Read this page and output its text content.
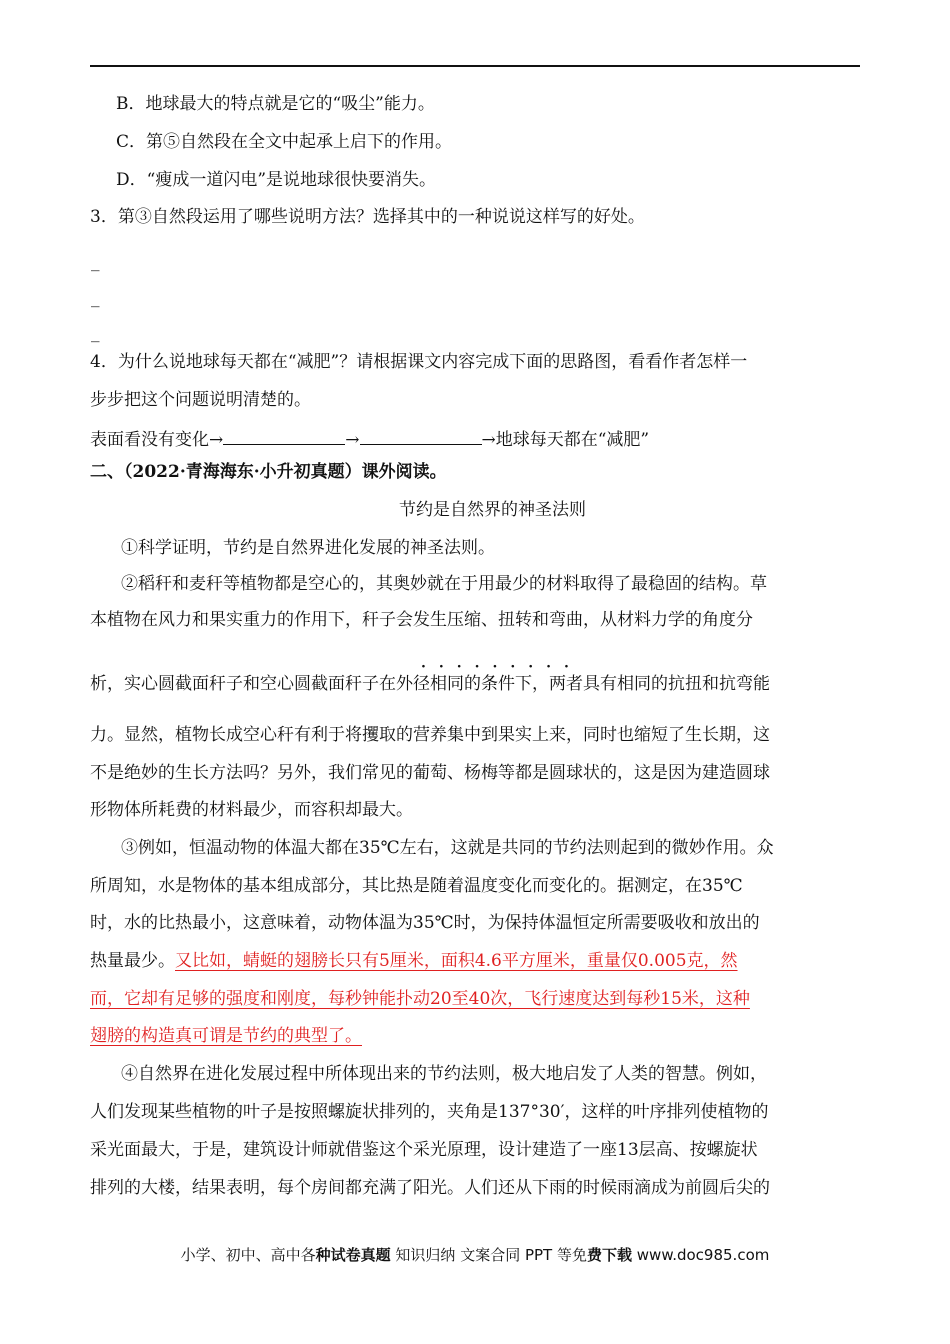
B．地球最大的特点就是它的“吸尘”能力。
C．第⑤自然段在全文中起承上启下的作用。
D．“瘦成一道闪电”是说地球很快要消失。
3．第③自然段运用了哪些说明方法？选择其中的一种说说这样写的好处。
_
_
_
4．为什么说地球每天都在“减肥”？请根据课文内容完成下面的思路图，看看作者怎样一
步步把这个问题说明清楚的。
表面看没有变化→	→	→地球每天都在“减肥”
二、（2022·青海海东·小升初真题）课外阅读。
节约是自然界的神圣法则
①科学证明，节约是自然界进化发展的神圣法则。
②稻秆和麦秆等植物都是空心的，其奥妙就在于用最少的材料取得了最稳固的结构。草
本植物在风力和果实重力的作用下，秆子会发生压缩、扭转和弯曲，从材料力学的角度分
·········
析，实心圆截面秆子和空心圆截面秆子在外径相同的条件下，两者具有相同的抗扭和抗弯能
力。显然，植物长成空心秆有利于将攫取的营养集中到果实上来，同时也缩短了生长期，这
不是绝妙的生长方法吗？另外，我们常见的葡萄、杨梅等都是圆球状的，这是因为建造圆球
形物体所耗费的材料最少，而容积却最大。
③例如，恒温动物的体温大都在35℃左右，这就是共同的节约法则起到的微妙作用。众
所周知，水是物体的基本组成部分，其比热是随着温度变化而变化的。据测定，在35℃
时，水的比热最小，这意味着，动物体温为35℃时，为保持体温恒定所需要吸收和放出的
热量最少。又比如，蜻蜓的翅膀长只有5厘米，面积4.6平方厘米，重量仅0.005克，然
而，它却有足够的强度和刚度，每秒钟能扑动20至40次，飞行速度达到每秒15米，这种
翅膀的构造真可谓是节约的典型了。
④自然界在进化发展过程中所体现出来的节约法则，极大地启发了人类的智慧。例如，
人们发现某些植物的叶子是按照螺旋状排列的，夹角是137°30′，这样的叶序排列使植物的
采光面最大，于是，建筑设计师就借鉴这个采光原理，设计建造了一座13层高、按螺旋状
排列的大楼，结果表明，每个房间都充满了阳光。人们还从下雨的时候雨滴成为前圆后尖的
小学、初中、高中各种试卷真题 知识归纳 文案合同 PPT 等免费下载 www.doc985.com
